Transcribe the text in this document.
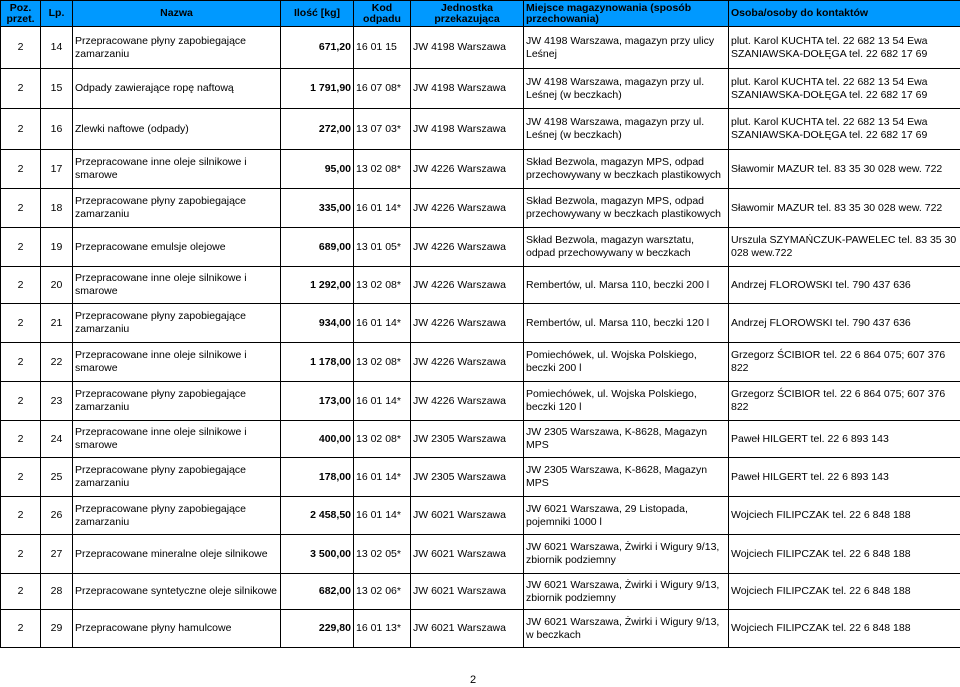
Poz. przet.	Lp.	Nazwa	Ilość [kg]	Kod odpadu	Jednostka przekazująca	Miejsce magazynowania (sposób przechowania)	Osoba/osoby do kontaktów
2	14	Przepracowane płyny zapobiegające zamarzaniu	671,20	16 01 15	JW 4198 Warszawa	JW 4198 Warszawa, magazyn przy ulicy Leśnej	plut. Karol KUCHTA tel. 22 682 13 54 Ewa SZANIAWSKA-DOŁĘGA tel. 22 682 17 69
2	15	Odpady zawierające ropę naftową	1 791,90	16 07 08*	JW 4198 Warszawa	JW 4198 Warszawa, magazyn przy ul. Leśnej (w beczkach)	plut. Karol KUCHTA tel. 22 682 13 54 Ewa SZANIAWSKA-DOŁĘGA tel. 22 682 17 69
2	16	Zlewki naftowe (odpady)	272,00	13 07 03*	JW 4198 Warszawa	JW 4198 Warszawa, magazyn przy ul. Leśnej (w beczkach)	plut. Karol KUCHTA tel. 22 682 13 54 Ewa SZANIAWSKA-DOŁĘGA tel. 22 682 17 69
2	17	Przepracowane inne oleje silnikowe i smarowe	95,00	13 02 08*	JW 4226 Warszawa	Skład Bezwola, magazyn MPS, odpad przechowywany w beczkach plastikowych	Sławomir MAZUR tel. 83 35 30 028 wew. 722
2	18	Przepracowane płyny zapobiegające zamarzaniu	335,00	16 01 14*	JW 4226 Warszawa	Skład Bezwola, magazyn MPS, odpad przechowywany w beczkach plastikowych	Sławomir MAZUR tel. 83 35 30 028 wew. 722
2	19	Przepracowane emulsje olejowe	689,00	13 01 05*	JW 4226 Warszawa	Skład Bezwola, magazyn warsztatu, odpad przechowywany w beczkach	Urszula SZYMAŃCZUK-PAWELEC tel. 83 35 30 028 wew.722
2	20	Przepracowane inne oleje silnikowe i smarowe	1 292,00	13 02 08*	JW 4226 Warszawa	Rembertów, ul. Marsa 110, beczki 200 l	Andrzej FLOROWSKI tel. 790 437 636
2	21	Przepracowane płyny zapobiegające zamarzaniu	934,00	16 01 14*	JW 4226 Warszawa	Rembertów, ul. Marsa 110, beczki 120 l	Andrzej FLOROWSKI tel. 790 437 636
2	22	Przepracowane inne oleje silnikowe i smarowe	1 178,00	13 02 08*	JW 4226 Warszawa	Pomiechówek, ul. Wojska Polskiego, beczki 200 l	Grzegorz ŚCIBIOR tel. 22 6 864 075; 607 376 822
2	23	Przepracowane płyny zapobiegające zamarzaniu	173,00	16 01 14*	JW 4226 Warszawa	Pomiechówek, ul. Wojska Polskiego, beczki 120 l	Grzegorz ŚCIBIOR tel. 22 6 864 075; 607 376 822
2	24	Przepracowane inne oleje silnikowe i smarowe	400,00	13 02 08*	JW 2305 Warszawa	JW 2305 Warszawa, K-8628, Magazyn MPS	Paweł HILGERT tel. 22 6 893 143
2	25	Przepracowane płyny zapobiegające zamarzaniu	178,00	16 01 14*	JW 2305 Warszawa	JW 2305 Warszawa, K-8628, Magazyn MPS	Paweł HILGERT tel. 22 6 893 143
2	26	Przepracowane płyny zapobiegające zamarzaniu	2 458,50	16 01 14*	JW 6021 Warszawa	JW 6021 Warszawa, 29 Listopada, pojemniki 1000 l	Wojciech FILIPCZAK tel. 22 6 848 188
2	27	Przepracowane mineralne oleje silnikowe	3 500,00	13 02 05*	JW 6021 Warszawa	JW 6021 Warszawa, Żwirki i Wigury 9/13, zbiornik podziemny	Wojciech FILIPCZAK tel. 22 6 848 188
2	28	Przepracowane syntetyczne oleje silnikowe	682,00	13 02 06*	JW 6021 Warszawa	JW 6021 Warszawa, Żwirki i Wigury 9/13, zbiornik podziemny	Wojciech FILIPCZAK tel. 22 6 848 188
2	29	Przepracowane płyny hamulcowe	229,80	16 01 13*	JW 6021 Warszawa	JW 6021 Warszawa, Żwirki i Wigury 9/13, w beczkach	Wojciech FILIPCZAK tel. 22 6 848 188
2
